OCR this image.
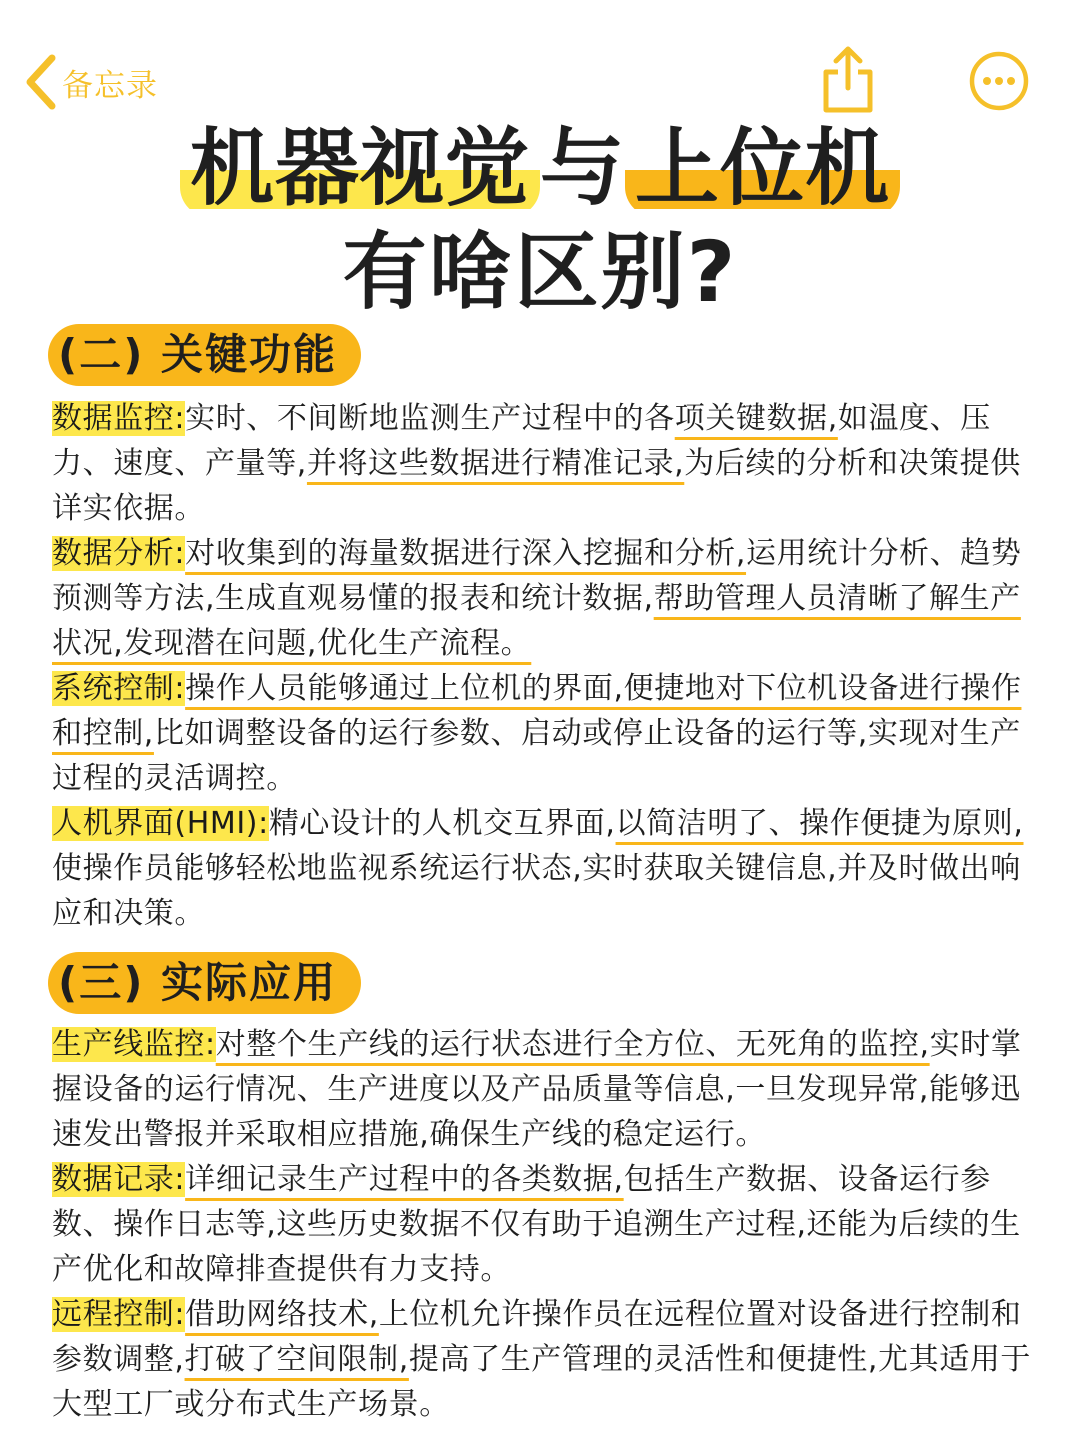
备忘录
机器视觉 与 上位机
有啥区别?
(二) 关键功能
数据监控:实时、不间断地监测生产过程中的各项关键数据,如温度、压力、速度、产量等,并将这些数据进行精准记录,为后续的分析和决策提供详实依据。
数据分析:对收集到的海量数据进行深入挖掘和分析,运用统计分析、趋势预测等方法,生成直观易懂的报表和统计数据,帮助管理人员清晰了解生产状况,发现潜在问题,优化生产流程。
系统控制:操作人员能够通过上位机的界面,便捷地对下位机设备进行操作和控制,比如调整设备的运行参数、启动或停止设备的运行等,实现对生产过程的灵活调控。
人机界面(HMI):精心设计的人机交互界面,以简洁明了、操作便捷为原则,使操作员能够轻松地监视系统运行状态,实时获取关键信息,并及时做出响应和决策。
(三) 实际应用
生产线监控:对整个生产线的运行状态进行全方位、无死角的监控,实时掌握设备的运行情况、生产进度以及产品质量等信息,一旦发现异常,能够迅速发出警报并采取相应措施,确保生产线的稳定运行。
数据记录:详细记录生产过程中的各类数据,包括生产数据、设备运行参数、操作日志等,这些历史数据不仅有助于追溯生产过程,还能为后续的生产优化和故障排查提供有力支持。
远程控制:借助网络技术,上位机允许操作员在远程位置对设备进行控制和参数调整,打破了空间限制,提高了生产管理的灵活性和便捷性,尤其适用于大型工厂或分布式生产场景。
